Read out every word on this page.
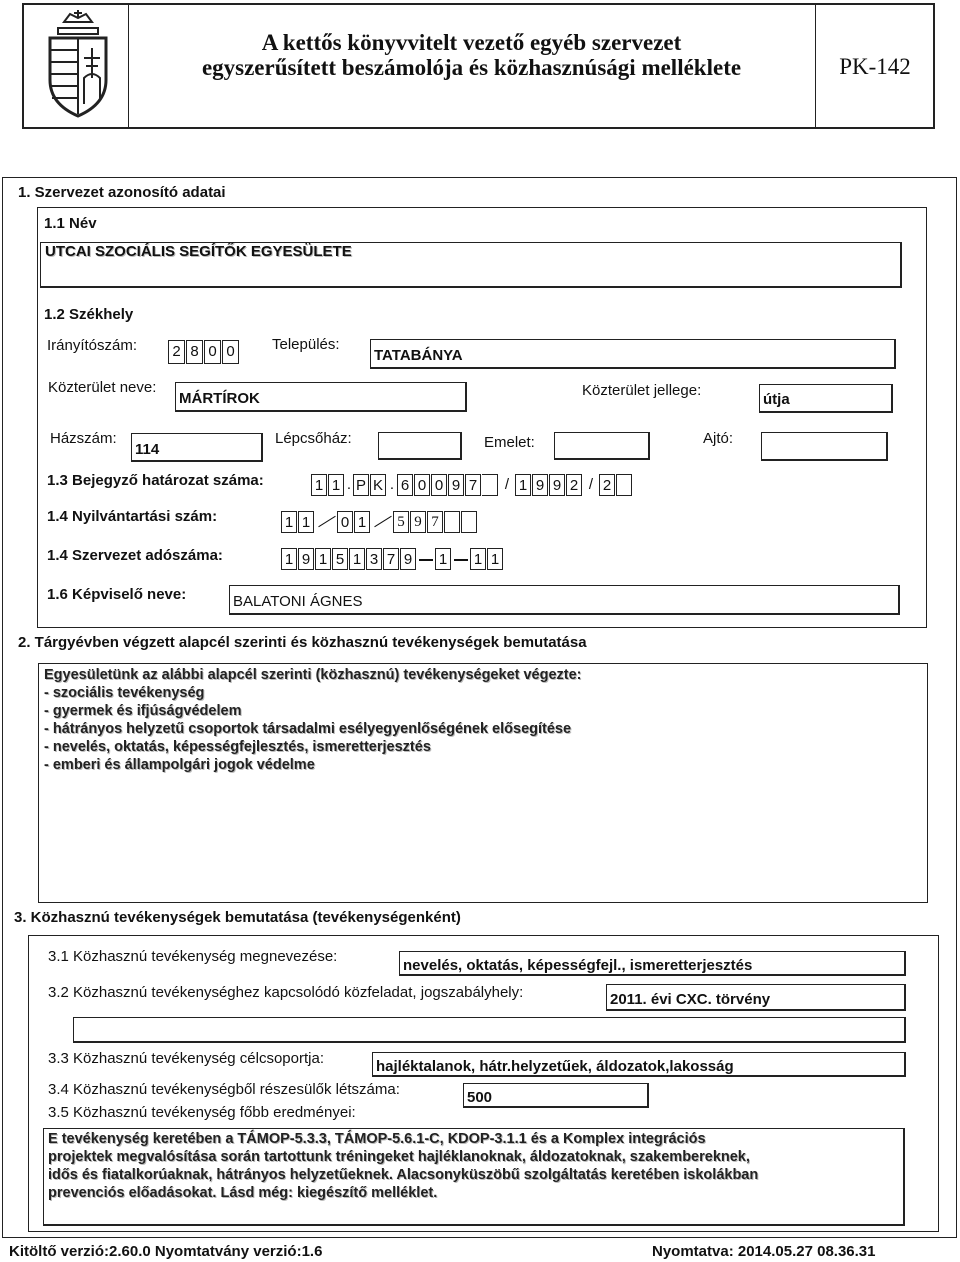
A kettős könyvvitelt vezető egyéb szervezet
egyszerűsített beszámolója és közhasznúsági melléklete	PK-142
1. Szervezet azonosító adatai
1.1 Név
UTCAI SZOCIÁLIS SEGÍTŐK EGYESÜLETE
1.2 Székhely
Irányítószám: 2 8 0 0 Település:
TATABÁNYA
Közterület neve:
MÁRTÍROK	Közterület jellege:
útja
Házszám:
114
Lépcsőház:	Emelet:	Ajtó:
1.3 Bejegyző határozat száma:	1 1 . P K . 6 0 0 9 7	/ 1 9 9 2 / 2
1.4 Nyilvántartási szám:	1 1 0 1 5 9 7
1.4 Szervezet adószáma:	1 9 1 5 1 3 7 9 1 1 1
1.6 Képviselő neve:	BALATONI ÁGNES
2. Tárgyévben végzett alapcél szerinti és közhasznú tevékenységek bemutatása
Egyesületünk az alábbi alapcél szerinti (közhasznú) tevékenységeket végezte:
- szociális tevékenység
- gyermek és ifjúságvédelem
- hátrányos helyzetű csoportok társadalmi esélyegyenlőségének elősegítése
- nevelés, oktatás, képességfejlesztés, ismeretterjesztés
- emberi és állampolgári jogok védelme
3. Közhasznú tevékenységek bemutatása (tevékenységenként)
3.1 Közhasznú tevékenység megnevezése:
nevelés, oktatás, képességfejl., ismeretterjesztés
3.2 Közhasznú tevékenységhez kapcsolódó közfeladat, jogszabályhely:	2011. évi CXC. törvény
3.3 Közhasznú tevékenység célcsoportja:	hajléktalanok, hátr.helyzetűek, áldozatok,lakosság
3.4 Közhasznú tevékenységből részesülők létszáma:	500
3.5 Közhasznú tevékenység főbb eredményei:
E tevékenység keretében a TÁMOP-5.3.3, TÁMOP-5.6.1-C, KDOP-3.1.1 és a Komplex integrációs
projektek megvalósítása során tartottunk tréningeket hajléklanoknak, áldozatoknak, szakembereknek,
idős és fiatalkorúaknak, hátrányos helyzetűeknek. Alacsonyküszöbű szolgáltatás keretében iskolákban
prevenciós előadásokat. Lásd még: kiegészítő melléklet.
Kitöltő verzió:2.60.0 Nyomtatvány verzió:1.6	Nyomtatva: 2014.05.27 08.36.31
